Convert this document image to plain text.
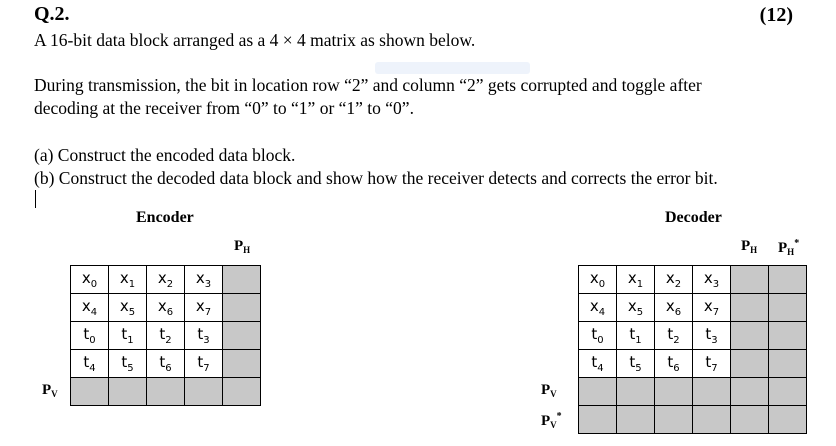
Q.2.	(12)
A 16-bit data block arranged as a 4 × 4 matrix as shown below.
During transmission, the bit in location row “2” and column “2” gets corrupted and toggle after
decoding at the receiver from “0” to “1” or “1” to “0”.
(a) Construct the encoded data block.
(b) Construct the decoded data block and show how the receiver detects and corrects the error bit.
Encoder
$P_H$
$P_V$
$x_0$	$x_1$	$x_2$	$x_3$	
$x_4$	$x_5$	$x_6$	$x_7$	
$t_0$	$t_1$	$t_2$	$t_3$	
$t_4$	$t_5$	$t_6$	$t_7$	

Decoder
$P_H$ $P_H^*$
$P_V$
$P_V^*$
$x_0$	$x_1$	$x_2$	$x_3$		
$x_4$	$x_5$	$x_6$	$x_7$		
$t_0$	$t_1$	$t_2$	$t_3$		
$t_4$	$t_5$	$t_6$	$t_7$		
